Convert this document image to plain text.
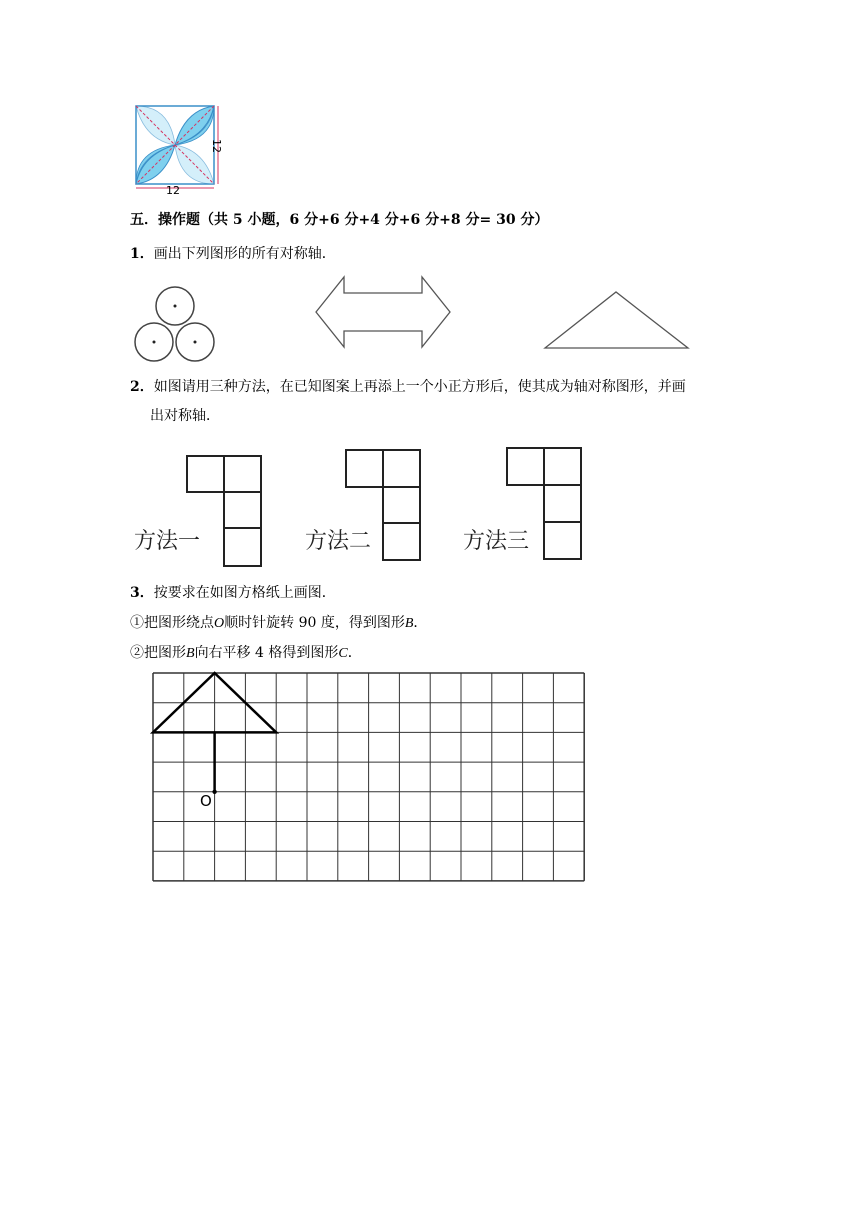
12
12
五．操作题（共 5 小题，6 分+6 分+4 分+6 分+8 分= 30 分）
1．画出下列图形的所有对称轴．
2．如图请用三种方法，在已知图案上再添上一个小正方形后，使其成为轴对称图形，并画
出对称轴．
方法一	方法二	方法三
3．按要求在如图方格纸上画图．
①把图形绕点O顺时针旋转 90 度，得到图形B．
②把图形B向右平移 4 格得到图形C．
O
